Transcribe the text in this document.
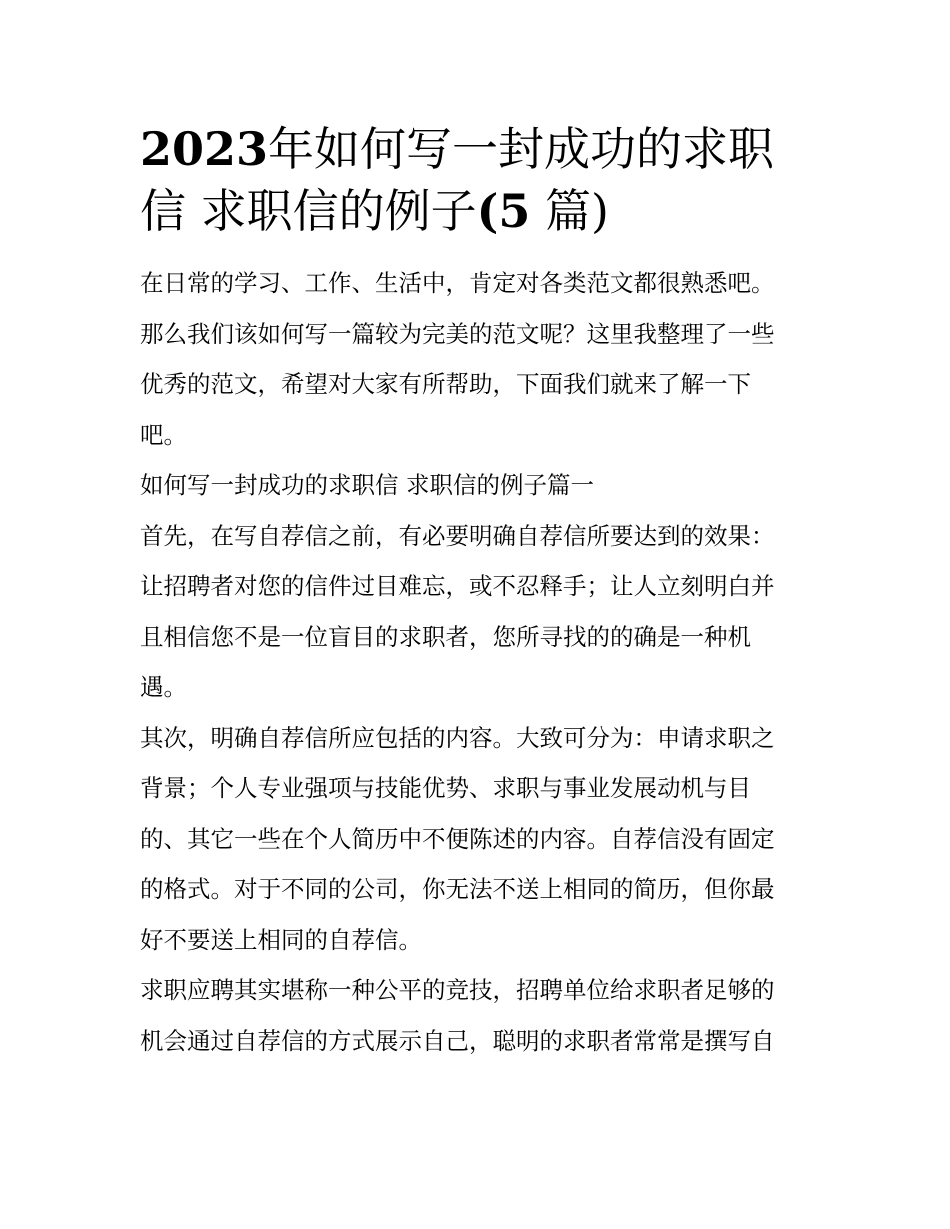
2023年如何写一封成功的求职信 求职信的例子(5 篇)

在日常的学习、工作、生活中，肯定对各类范文都很熟悉吧。
那么我们该如何写一篇较为完美的范文呢？这里我整理了一些
优秀的范文，希望对大家有所帮助，下面我们就来了解一下
吧。

如何写一封成功的求职信 求职信的例子篇一

首先，在写自荐信之前，有必要明确自荐信所要达到的效果：
让招聘者对您的信件过目难忘，或不忍释手；让人立刻明白并
且相信您不是一位盲目的求职者，您所寻找的的确是一种机
遇。

其次，明确自荐信所应包括的内容。大致可分为：申请求职之
背景；个人专业强项与技能优势、求职与事业发展动机与目
的、其它一些在个人简历中不便陈述的内容。自荐信没有固定
的格式。对于不同的公司，你无法不送上相同的简历，但你最
好不要送上相同的自荐信。

求职应聘其实堪称一种公平的竞技，招聘单位给求职者足够的
机会通过自荐信的方式展示自己，聪明的求职者常常是撰写自
